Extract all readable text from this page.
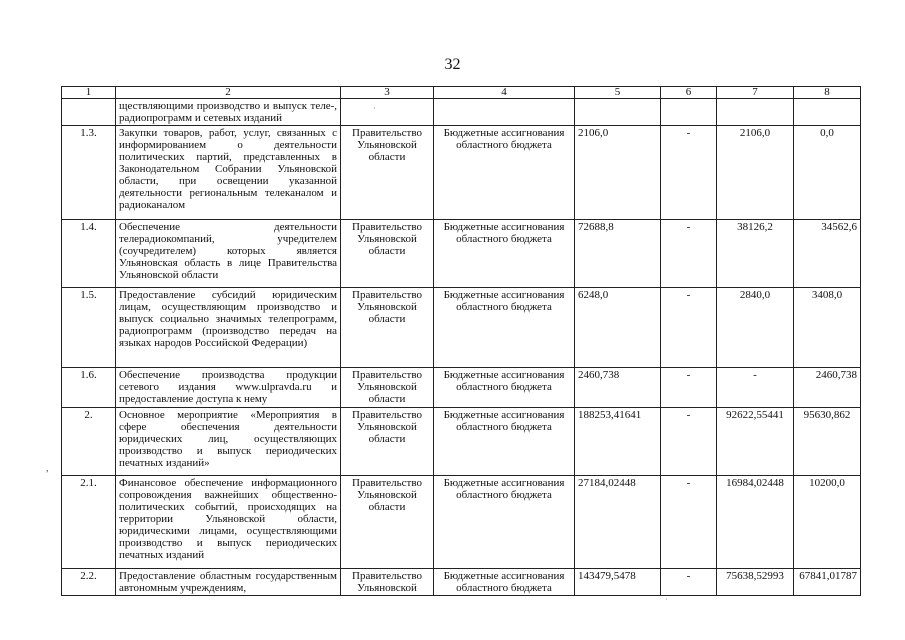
32
1	2	3	4	5	6	7	8
	ществляющими производство и выпуск теле-, радиопрограмм и сетевых изданий						
1.3.	Закупки товаров, работ, услуг, связанных с информированием о деятельности политических партий, представленных в Законодательном Собрании Ульяновской области, при освещении указанной деятельности региональным телеканалом и радиоканалом	Правительство Ульяновской области	Бюджетные ассигнования областного бюджета	2106,0	-	2106,0	0,0
1.4.	Обеспечение деятельности телерадиокомпаний, учредителем (соучредителем) которых является Ульяновская область в лице Правительства Ульяновской области	Правительство Ульяновской области	Бюджетные ассигнования областного бюджета	72688,8	-	38126,2	34562,6
1.5.	Предоставление субсидий юридическим лицам, осуществляющим производство и выпуск социально значимых телепрограмм, радиопрограмм (производство передач на языках народов Российской Федерации)	Правительство Ульяновской области	Бюджетные ассигнования областного бюджета	6248,0	-	2840,0	3408,0
1.6.	Обеспечение производства продукции сетевого издания www.ulpravda.ru и предоставление доступа к нему	Правительство Ульяновской области	Бюджетные ассигнования областного бюджета	2460,738	-	-	2460,738
2.	Основное мероприятие «Мероприятия в сфере обеспечения деятельности юридических лиц, осуществляющих производство и выпуск периодических печатных изданий»	Правительство Ульяновской области	Бюджетные ассигнования областного бюджета	188253,41641	-	92622,55441	95630,862
2.1.	Финансовое обеспечение информационного сопровождения важнейших общественно-политических событий, происходящих на территории Ульяновской области, юридическими лицами, осуществляющими производство и выпуск периодических печатных изданий	Правительство Ульяновской области	Бюджетные ассигнования областного бюджета	27184,02448	-	16984,02448	10200,0
2.2.	Предоставление областным государственным автономным учреждениям,	Правительство Ульяновской	Бюджетные ассигнования областного бюджета	143479,5478	-	75638,52993	67841,01787
,
·
·
